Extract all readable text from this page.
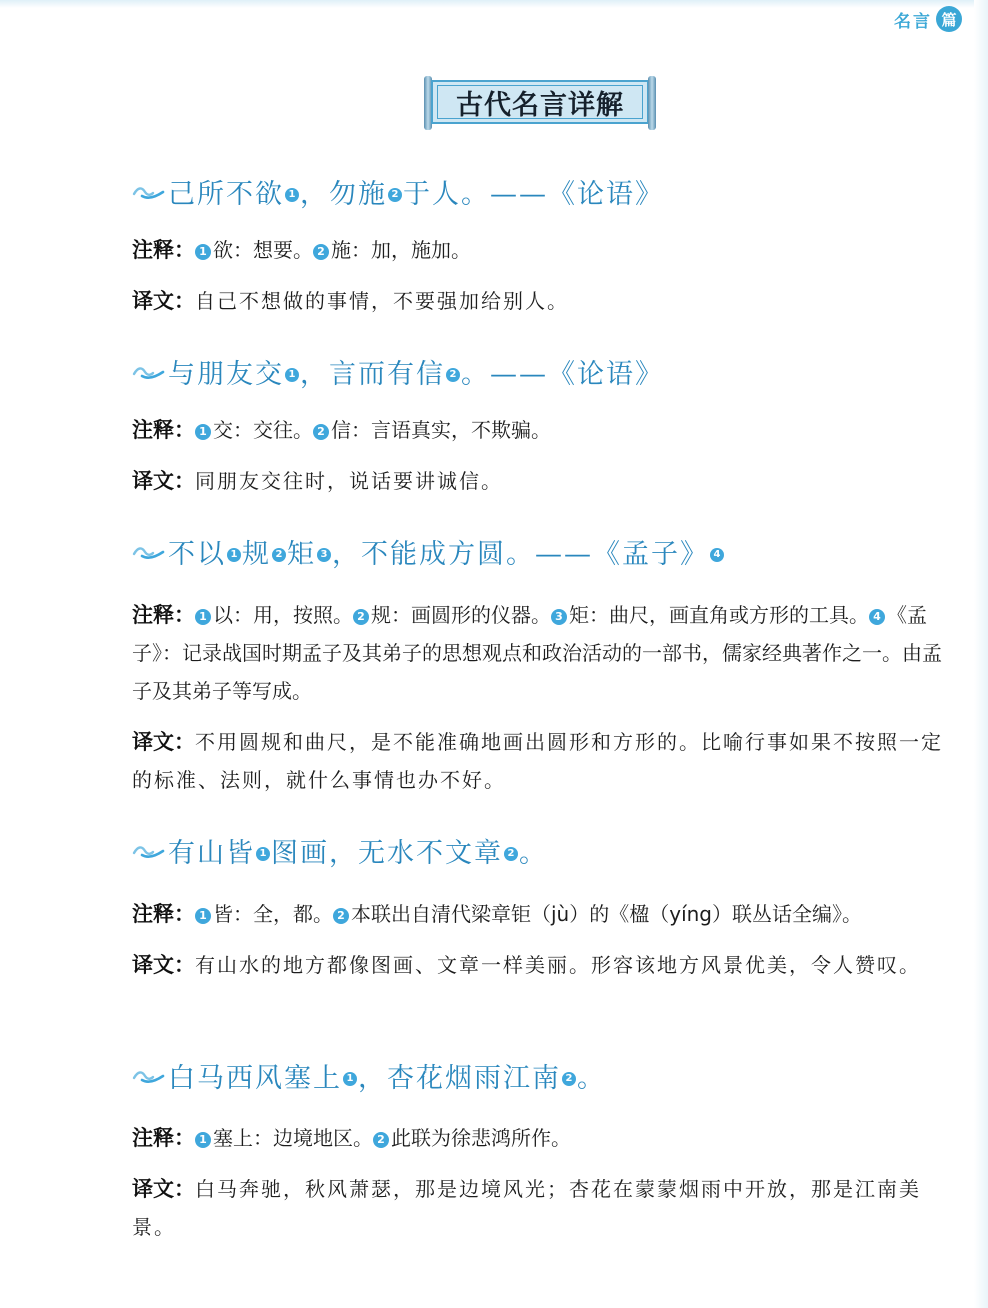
名言 篇
古代名言详解
己所不欲 1 ，勿施 2 于人。——《论语》
注释： 1 欲：想要。 2 施：加，施加。
译文：自己不想做的事情，不要强加给别人。
与朋友交 1 ，言而有信 2 。——《论语》
注释： 1 交：交往。 2 信：言语真实，不欺骗。
译文：同朋友交往时，说话要讲诚信。
不以 1 规 2 矩 3 ，不能成方圆。——《孟子》 4
注释： 1 以：用，按照。 2 规：画圆形的仪器。 3 矩：曲尺，画直角或方形的工具。 4 《孟子》：记录战国时期孟子及其弟子的思想观点和政治活动的一部书，儒家经典著作之一。由孟子及其弟子等写成。
译文：不用圆规和曲尺，是不能准确地画出圆形和方形的。比喻行事如果不按照一定的标准、法则，就什么事情也办不好。
有山皆 1 图画，无水不文章 2 。
注释： 1 皆：全，都。 2 本联出自清代梁章钜（jù）的《楹（yíng）联丛话全编》。
译文：有山水的地方都像图画、文章一样美丽。形容该地方风景优美，令人赞叹。
白马西风塞上 1 ，杏花烟雨江南 2 。
注释： 1 塞上：边境地区。 2 此联为徐悲鸿所作。
译文：白马奔驰，秋风萧瑟，那是边境风光；杏花在蒙蒙烟雨中开放，那是江南美景。
